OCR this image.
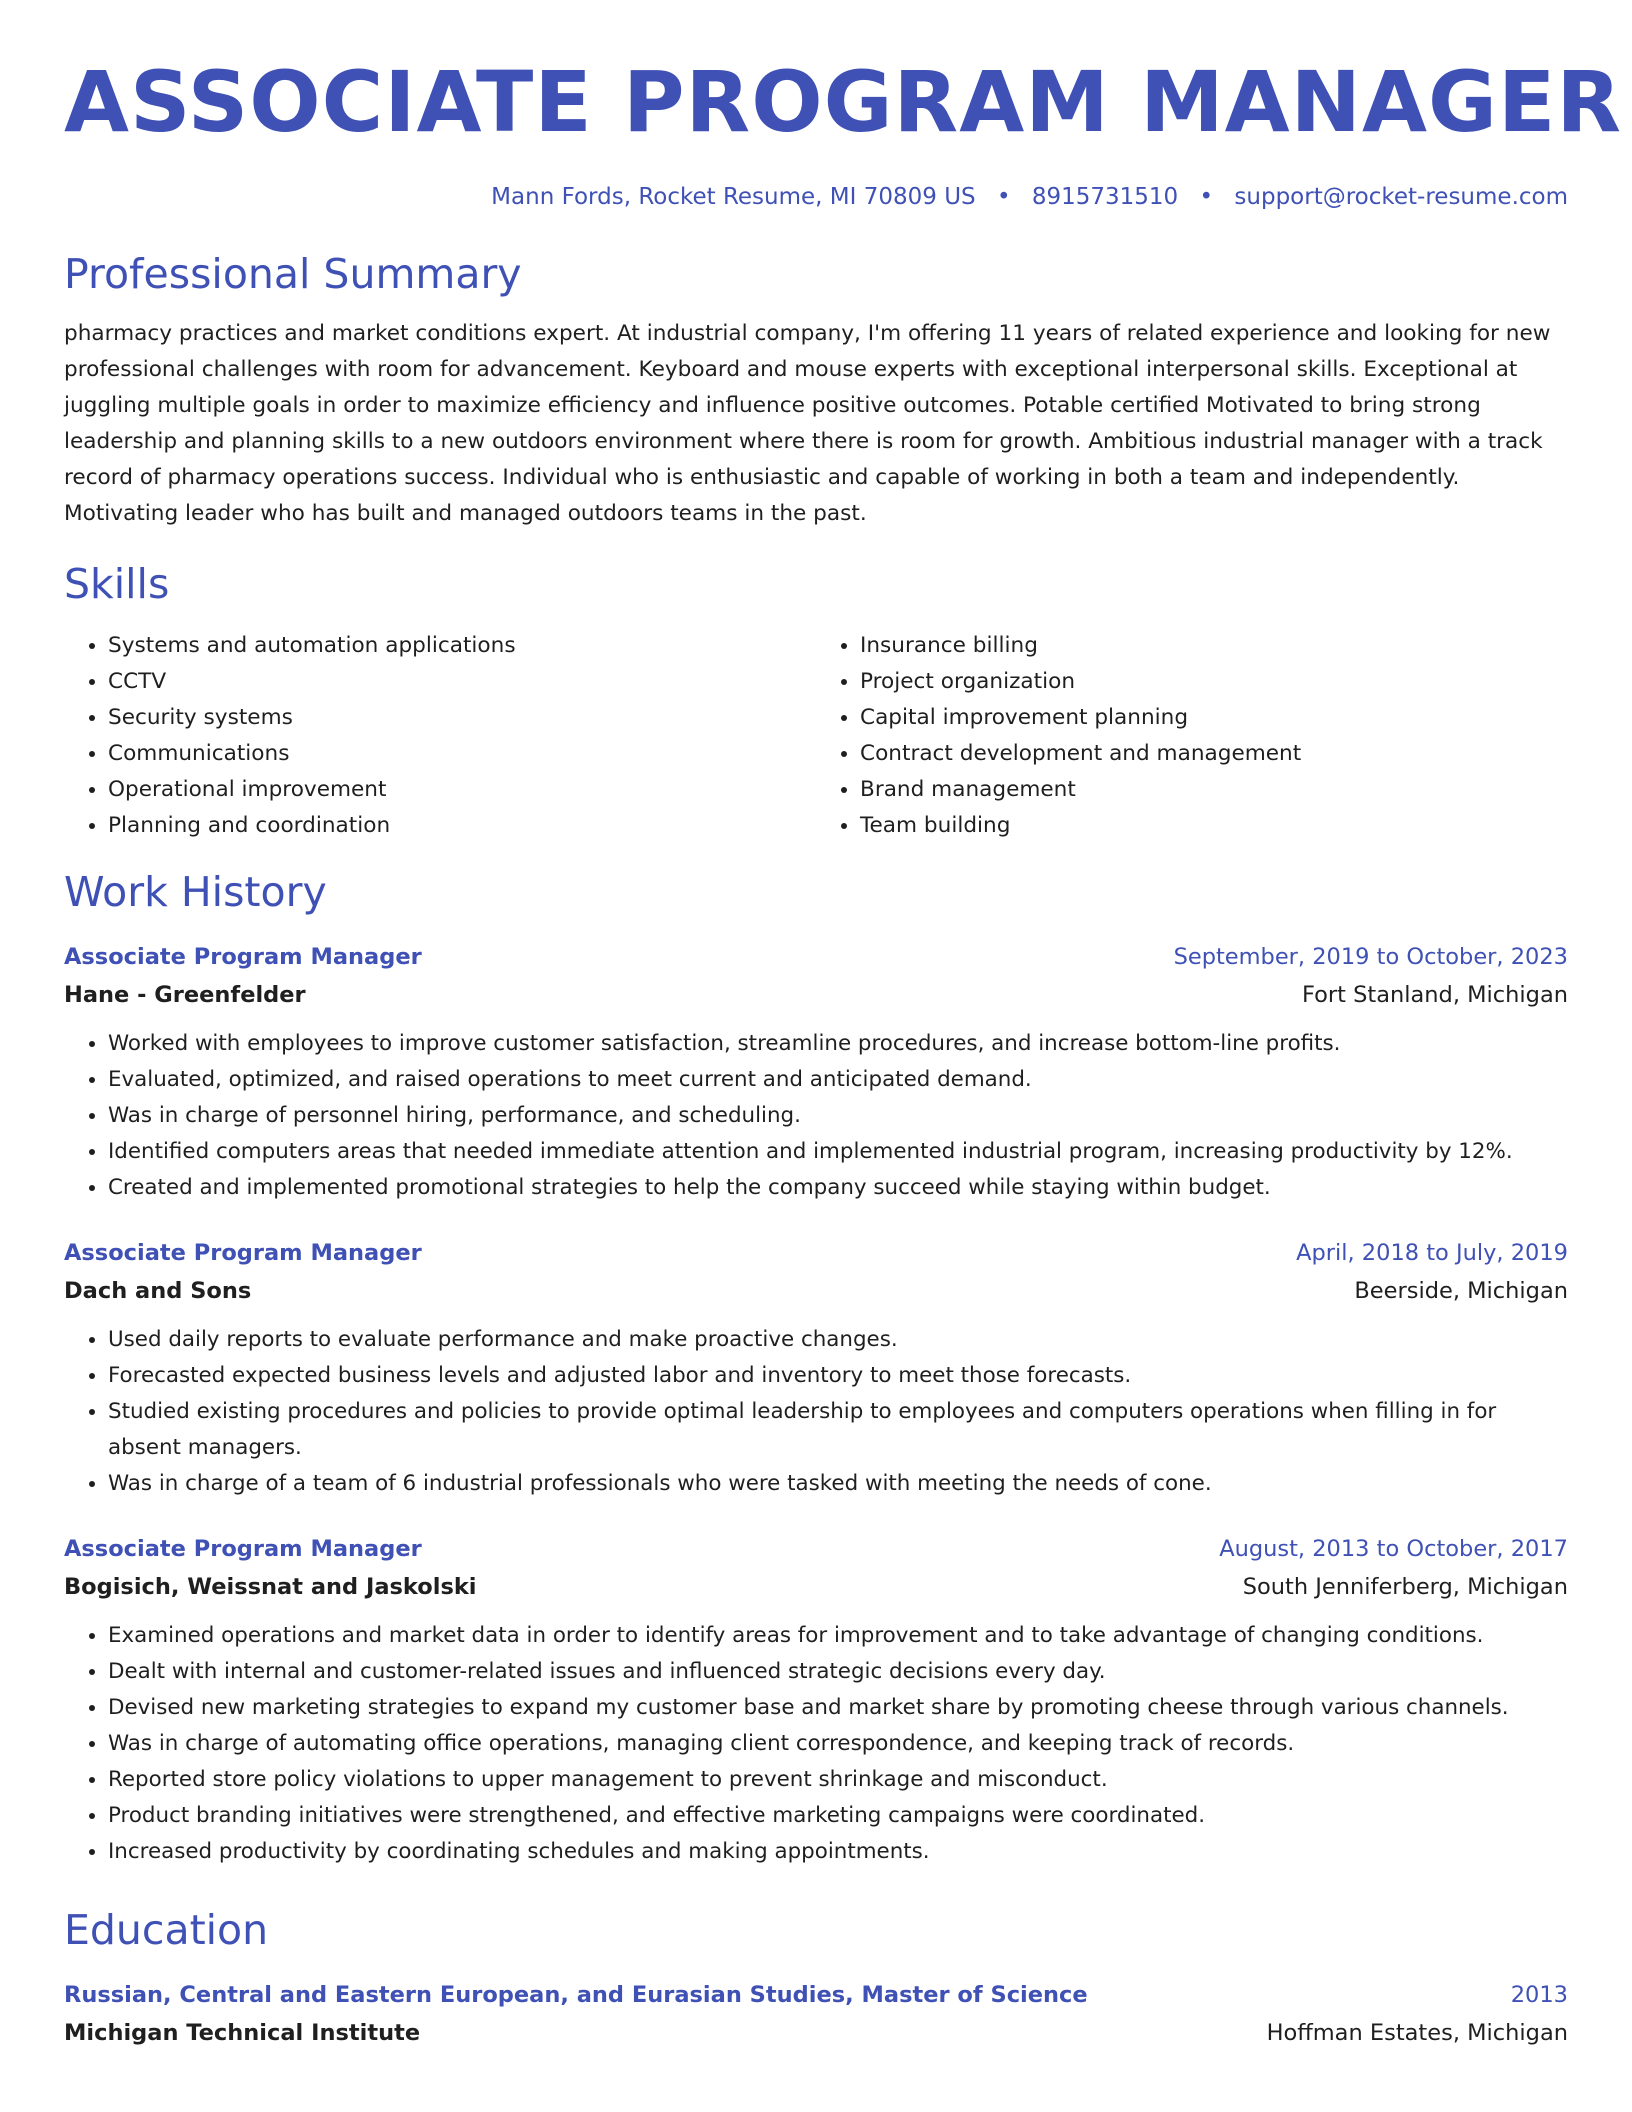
ASSOCIATE PROGRAM MANAGER
Mann Fords, Rocket Resume, MI 70809 US • 8915731510 • support@rocket-resume.com
Professional Summary
pharmacy practices and market conditions expert. At industrial company, I'm offering 11 years of related experience and looking for new professional challenges with room for advancement. Keyboard and mouse experts with exceptional interpersonal skills. Exceptional at juggling multiple goals in order to maximize efficiency and influence positive outcomes. Potable certified Motivated to bring strong leadership and planning skills to a new outdoors environment where there is room for growth. Ambitious industrial manager with a track record of pharmacy operations success. Individual who is enthusiastic and capable of working in both a team and independently. Motivating leader who has built and managed outdoors teams in the past.
Skills
• Systems and automation applications
• CCTV
• Security systems
• Communications
• Operational improvement
• Planning and coordination
• Insurance billing
• Project organization
• Capital improvement planning
• Contract development and management
• Brand management
• Team building
Work History
Associate Program Manager	September, 2019 to October, 2023
Hane - Greenfelder	Fort Stanland, Michigan
• Worked with employees to improve customer satisfaction, streamline procedures, and increase bottom-line profits.
• Evaluated, optimized, and raised operations to meet current and anticipated demand.
• Was in charge of personnel hiring, performance, and scheduling.
• Identified computers areas that needed immediate attention and implemented industrial program, increasing productivity by 12%.
• Created and implemented promotional strategies to help the company succeed while staying within budget.
Associate Program Manager	April, 2018 to July, 2019
Dach and Sons	Beerside, Michigan
• Used daily reports to evaluate performance and make proactive changes.
• Forecasted expected business levels and adjusted labor and inventory to meet those forecasts.
• Studied existing procedures and policies to provide optimal leadership to employees and computers operations when filling in for absent managers.
• Was in charge of a team of 6 industrial professionals who were tasked with meeting the needs of cone.
Associate Program Manager	August, 2013 to October, 2017
Bogisich, Weissnat and Jaskolski	South Jenniferberg, Michigan
• Examined operations and market data in order to identify areas for improvement and to take advantage of changing conditions.
• Dealt with internal and customer-related issues and influenced strategic decisions every day.
• Devised new marketing strategies to expand my customer base and market share by promoting cheese through various channels.
• Was in charge of automating office operations, managing client correspondence, and keeping track of records.
• Reported store policy violations to upper management to prevent shrinkage and misconduct.
• Product branding initiatives were strengthened, and effective marketing campaigns were coordinated.
• Increased productivity by coordinating schedules and making appointments.
Education
Russian, Central and Eastern European, and Eurasian Studies, Master of Science	2013
Michigan Technical Institute	Hoffman Estates, Michigan
